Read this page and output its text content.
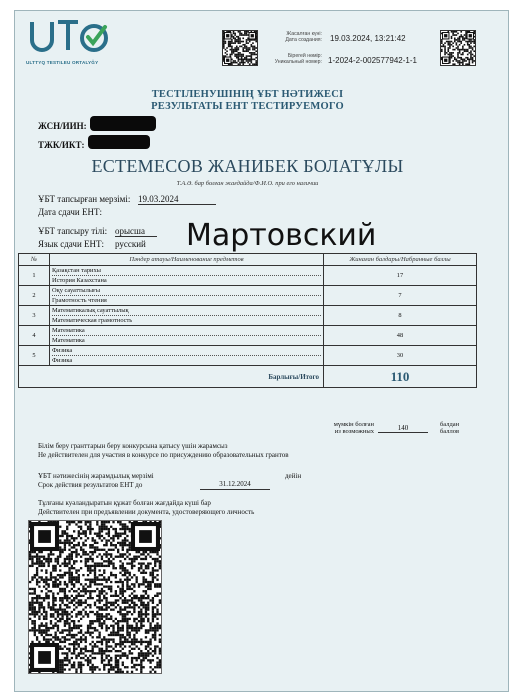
ULTTYQ TESTILEU ORTALYĞY
Жасалған күні:
Дата создания: 19.03.2024, 13:21:42
Бірегей нөмір:
Уникальный номер: 1-2024-2-002577942-1-1
ТЕСТІЛЕНУШІНІҢ ҰБТ НӘТИЖЕСІ
РЕЗУЛЬТАТЫ ЕНТ ТЕСТИРУЕМОГО
ЖСН/ИИН:
ТЖК/ИКТ:
ЕСТЕМЕСОВ ЖАНИБЕК БОЛАТҰЛЫ
Т.А.Ә. бар болған жағдайда/Ф.И.О. при его наличии
ҰБТ тапсырған мерзімі:
Дата сдачи ЕНТ:
19.03.2024
ҰБТ тапсыру тілі:
Язык сдачи ЕНТ:
орысша
русский Мартовский
№	Пəндер атауы/Наименование предметов	Жинаған балдары/Набранные баллы
1	Қазақстан тарихы
История Казахстана	17
2	Оқу сауаттылығы
Грамотность чтения	7
3	Математикалық сауаттылық
Математическая грамотность	8
4	Математика
Математика	48
5	Физика
Физика	30
Барлығы/Итого		110
мүмкін болған
из возможных	140	балдан
баллов
Білім беру гранттарын беру конкурсына қатысу үшін жарамсыз
Не действителен для участия в конкурсе по присуждению образовательных грантов
ҰБТ нәтижесінің жарамдылық мерзімі
Срок действия результатов ЕНТ до	31.12.2024
дейін
Тұлғаны куәландыратын құжат болған жағдайда күші бар
Действителен при предъявлении документа, удостоверяющего личность
